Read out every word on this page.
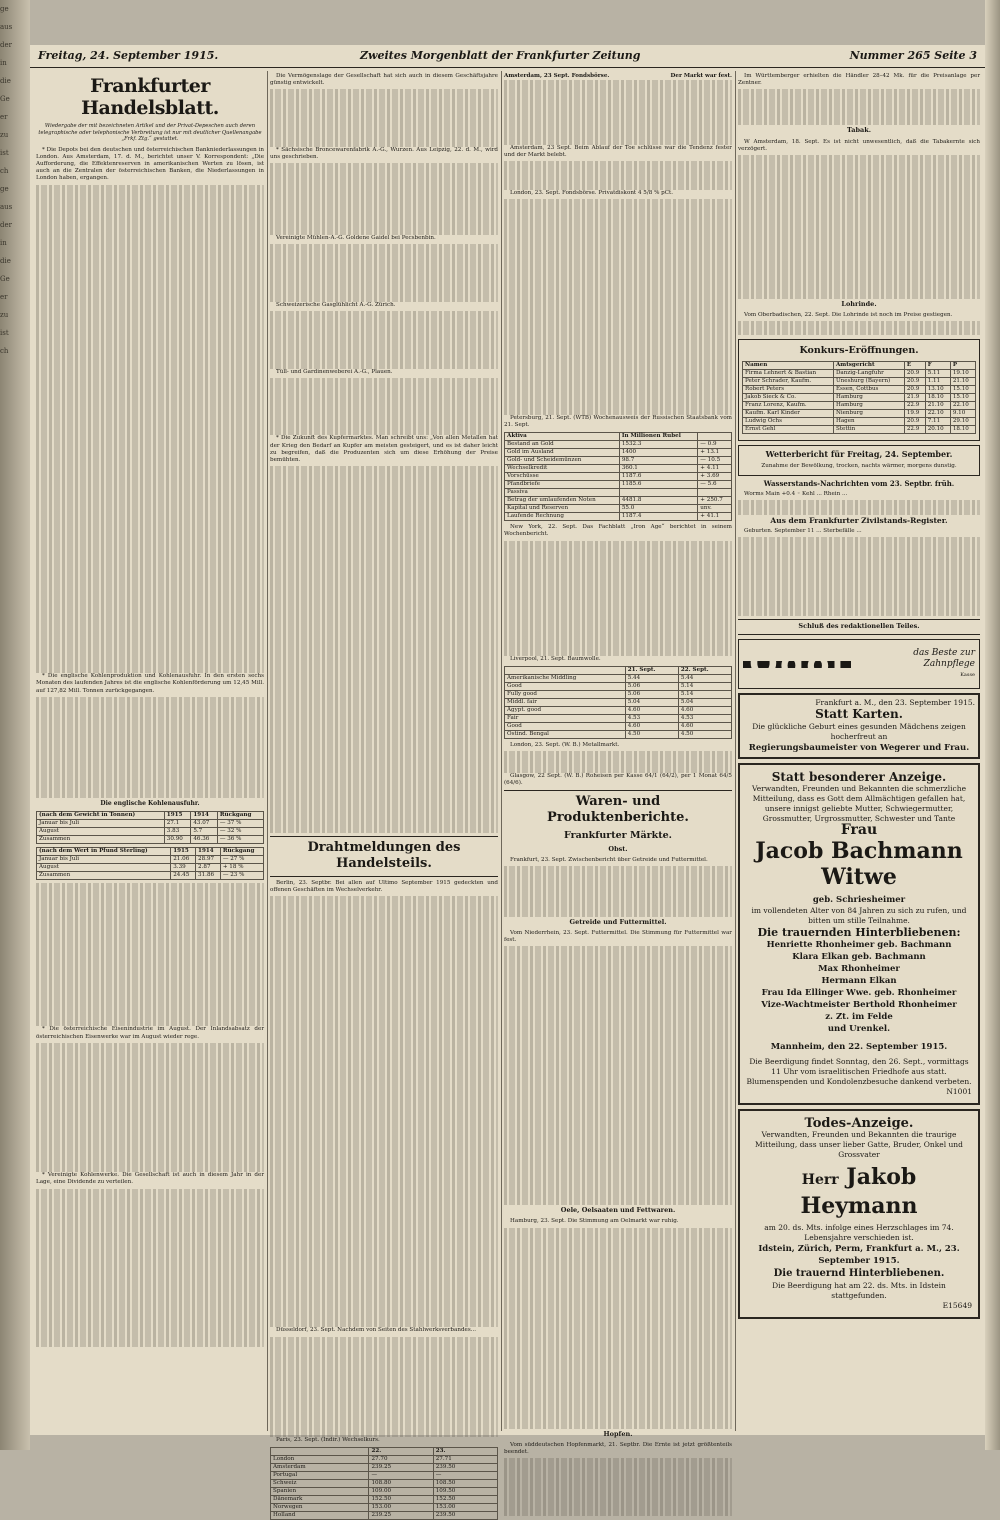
ge
aus
der
in
die
Ge
er
zu
ist
ch
ge
aus
der
in
die
Ge
er
zu
ist
ch
Freitag, 24. September 1915.	Zweites Morgenblatt der Frankfurter Zeitung	Nummer 265 Seite 3
Frankfurter Handelsblatt.
Wiedergabe der mit bezeichneten Artikel und der Privat-Depeschen auch deren telegraphische oder telephonische Verbreitung ist nur mit deutlicher Quellenangabe „Frkf. Ztg.“ gestattet.

* Die Depots bei den deutschen und österreichischen Bankniederlassungen in London. Aus Amsterdam, 17. d. M., berichtet unser V. Korrespondent: „Die Aufforderung, die Effektenreserven in amerikanischen Werten zu lösen, ist auch an die Zentralen der österreichischen Banken, die Niederlassungen in London haben, ergangen.

* Die englische Kohlenproduktion und Kohlenausfuhr. In den ersten sechs Monaten des laufenden Jahres ist die englische Kohlenförderung um 12,45 Mill. auf 127,82 Mill. Tonnen zurückgegangen.

Die englische Kohlenausfuhr.
(nach dem Gewicht in Tonnen)	1915	1914	Rückgang
Januar bis Juli	27.1	43.07	— 37 %
August	3.83	5.7	— 32 %
Zusammen	30.90	46.36	— 36 %
(nach dem Wert in Pfund Sterling)	1915	1914	Rückgang
Januar bis Juli	21.06	28.97	— 27 %
August	3.39	2.87	+ 18 %
Zusammen	24.45	31.86	— 23 %

* Die österreichische Eisenindustrie im August. Der Inlandsabsatz der österreichischen Eisenwerke war im August wieder rege.

* Vereinigte Kohlenwerke. Die Gesellschaft ist auch in diesem Jahr in der Lage, eine Dividende zu verteilen.

Die Vermögenslage der Gesellschaft hat sich auch in diesem Geschäftsjahre günstig entwickelt.

* Sächsische Broncewarenfabrik A.-G., Wurzen. Aus Leipzig, 22. d. M., wird uns geschrieben.

Vereinigte Mühlen-A.-G. Goldene Gaidel bei Pecsbenbin.

Schweizerische Gasglühlicht A.-G. Zürich.

Tüll- und Gardinenweberei A.-G., Plauen.

* Die Zukunft des Kupfermarktes. Man schreibt uns: „Von allen Metallen hat der Krieg den Bedarf an Kupfer am meisten gesteigert, und es ist daher leicht zu begreifen, daß die Produzenten sich um diese Erhöhung der Preise bemühten.

Drahtmeldungen des Handelsteils.

Berlin, 23. Septbr. Bei allen auf Ultimo September 1915 gedeckten und offenen Geschäften im Wechselverkehr.

Düsseldorf, 23. Sept. Nachdem von Seiten des Stahlwerksverbandes...

Paris, 23. Sept. (Indir.) Wechselkurs.

	22.	23.
London	27.70	27.71
Amsterdam	239.25	239.50
Portugal	—	—
Schweiz	108.80	108.50
Spanien	109.00	109.50
Dänemark	152.50	152.50
Norwegen	153.00	153.00
Holland	239.25	239.50
Amsterdam, 23 Sept. Fondsbörse.	Der Markt war fest.

Amsterdam, 23 Sept. Beim Ablauf der Toe schlüsse war die Tendenz fester und der Markt belebt.

London, 23. Sept. Fondsbörse. Privatdiskont 4 5/8 % pCt.

Petersburg, 21. Sept. (WTB) Wochenausweis der Russischen Staatsbank vom 21. Sept.

Aktiva	In Millionen Rubel	
Bestand an Gold	1532.3	— 0.9
Gold im Ausland	1400	+ 13.1
Gold- und Scheidemünzen	98.7	— 10.5
Wechselkredit	360.1	+ 4.11
Vorschüsse	1187.6	+ 3.69
Pfandbriefe	1185.6	— 5.6
Passiva		
Betrag der umlaufenden Noten	4481.8	+ 250.7
Kapital und Reserven	55.0	unv.
Laufende Rechnung	1187.4	+ 41.1

New York, 22. Sept. Das Fachblatt „Iron Age“ berichtet in seinem Wochenbericht.

Liverpool, 21. Sept. Baumwolle.

	21. Sept.	22. Sept.
Amerikanische Middling	5.44	5.44
Good	5.06	5.14
Fully good	5.06	5.14
Middl. fair	5.04	5.04
Ägypt. good	4.60	4.60
Fair	4.53	4.53
Good	4.60	4.60
Ostind. Bengal	4.50	4.50

London, 23. Sept. (W. B.) Metallmarkt.

Glasgow, 22 Sept. (W. B.) Roheisen per Kasse 64/1 (64/2), per 1 Monat 64/5 (64/6).

Waren- und Produktenberichte.
Frankfurter Märkte.
Obst.

Frankfurt, 23. Sept. Zwischenbericht über Getreide und Futtermittel.

Getreide und Futtermittel.

Vom Niederrhein, 23. Sept. Futtermittel. Die Stimmung für Futtermittel war fest.

Oele, Oelsaaten und Fettwaren.

Hamburg, 23. Sept. Die Stimmung am Oelmarkt war ruhig.

Hopfen.

Vom süddeutschen Hopfenmarkt, 21. Septbr. Die Ernte ist jetzt größtenteils beendet.

Im Württemberger erhielten die Händler 28–42 Mk. für die Preisanlage per Zentner.

Tabak.

W Amsterdam, 18. Sept. Es ist nicht unwesentlich, daß die Tabakernte sich verzögert.

Lohrinde.

Vom Oberbadischen, 22. Sept. Die Lohrinde ist noch im Preise gestiegen.

Konkurs-Eröffnungen.
Namen	Amtsgericht	E	F	P
Firma Lehnert & Bastian	Danzig-Langfuhr	20.9	5.11	19.10
Peter Schrader, Kaufm.	Uneshurg (Bayern)	20.9	1.11	21.10
Robert Peters	Essen, Cottbus	20.9	13.10	15.10
Jakob Sieck & Co.	Hamburg	21.9	18.10	15.10
Franz Lorenz, Kaufm.	Hamburg	22.9	21.10	22.10
Kaufm. Karl Kinder	Nienburg	19.9	22.10	9.10
Ludwig Ochs	Hagen	20.9	7.11	29.10
Ernst Gehl	Stettin	22.9	20.10	18.10
Wetterbericht für Freitag, 24. September.

Zunahme der Bewölkung, trocken, nachts wärmer, morgens dunstig.

Wasserstands-Nachrichten vom 23. Septbr. früh.

Worms Main +0.4 ◦ Kehl ... Rhein ...

Aus dem Frankfurter Zivilstands-Register.

Geburten. September 11 ... Sterbefälle ...

Schluß des redaktionellen Teiles.
Odol	das Beste zur
Zahnpflege
Kasse
Frankfurt a. M., den 23. September 1915.
Statt Karten.
Die glückliche Geburt eines gesunden Mädchens zeigen hocherfreut an
Regierungsbaumeister von Wegerer und Frau.
Statt besonderer Anzeige.
Verwandten, Freunden und Bekannten die schmerzliche Mitteilung, dass es Gott dem Allmächtigen gefallen hat, unsere innigst geliebte Mutter, Schwiegermutter, Grossmutter, Urgrossmutter, Schwester und Tante
Frau
Jacob Bachmann Witwe
geb. Schriesheimer
im vollendeten Alter von 84 Jahren zu sich zu rufen, und bitten um stille Teilnahme.
Die trauernden Hinterbliebenen:
Henriette Rhonheimer geb. Bachmann
Klara Elkan geb. Bachmann
Max Rhonheimer
Hermann Elkan
Frau Ida Ellinger Wwe. geb. Rhonheimer
Vize-Wachtmeister Berthold Rhonheimer
z. Zt. im Felde
und Urenkel.
Mannheim, den 22. September 1915.
Die Beerdigung findet Sonntag, den 26. Sept., vormittags 11 Uhr vom israelitischen Friedhofe aus statt.
Blumenspenden und Kondolenzbesuche dankend verbeten.
N1001
Todes-Anzeige.
Verwandten, Freunden und Bekannten die traurige Mitteilung, dass unser lieber Gatte, Bruder, Onkel und Grossvater
Herr Jakob Heymann
am 20. ds. Mts. infolge eines Herzschlages im 74. Lebensjahre verschieden ist.
Idstein, Zürich, Perm, Frankfurt a. M., 23. September 1915.
Die trauernd Hinterbliebenen.
Die Beerdigung hat am 22. ds. Mts. in Idstein stattgefunden.
E15649
